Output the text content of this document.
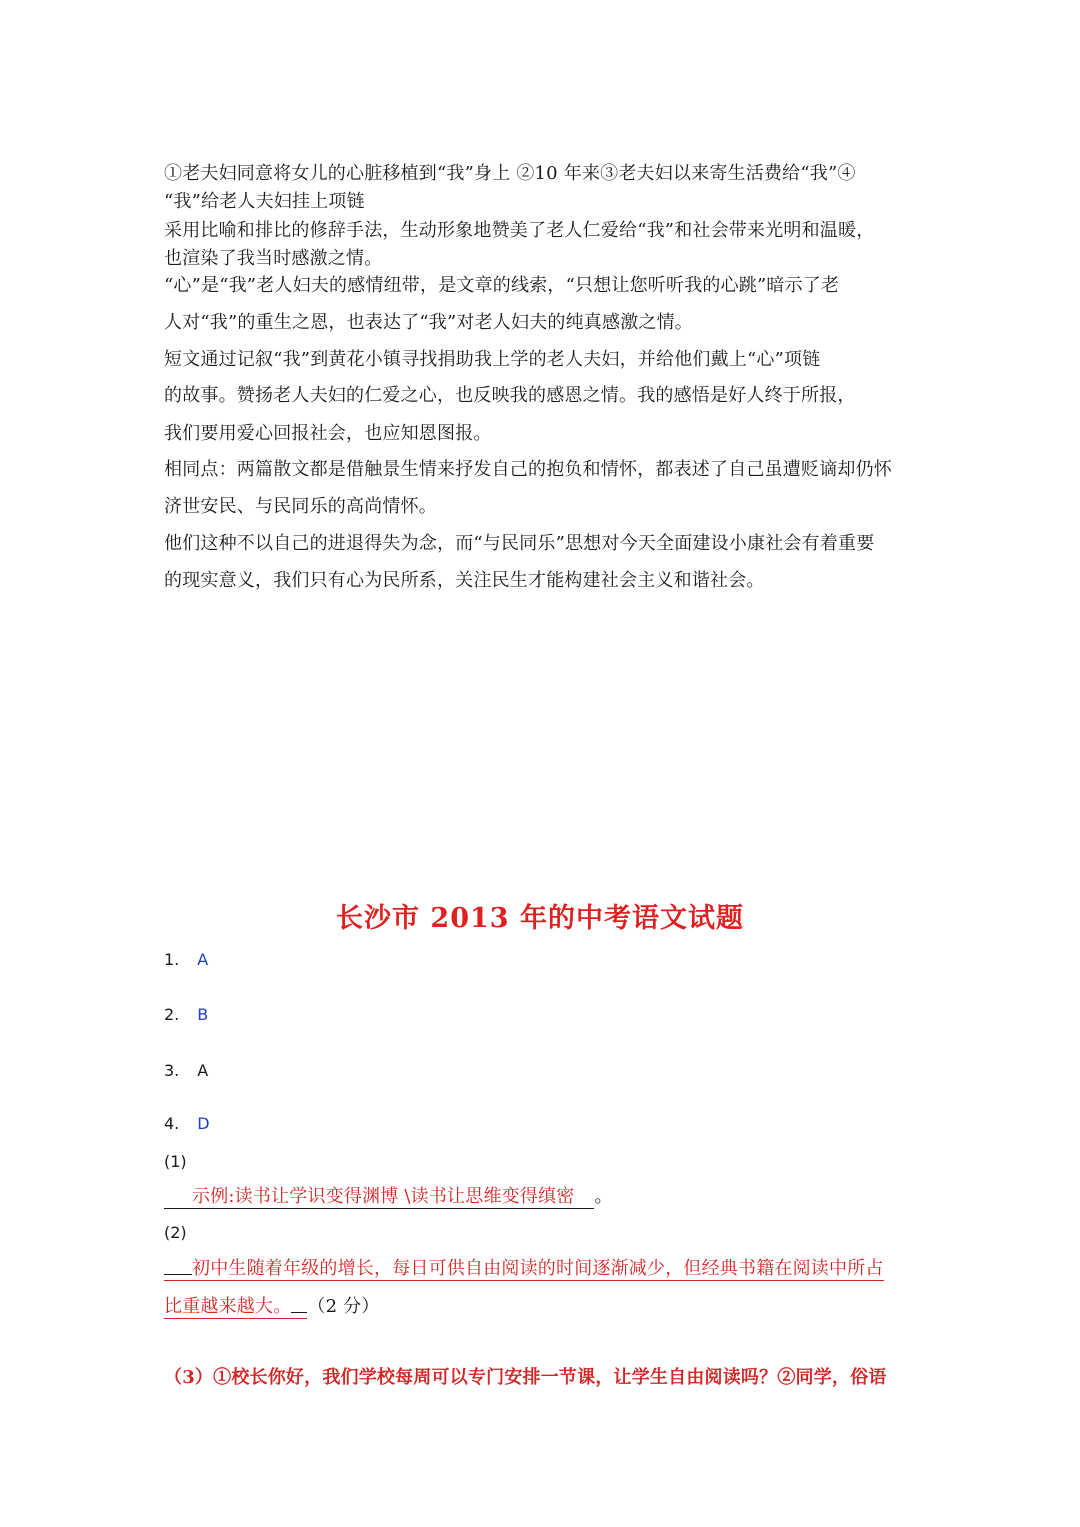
①老夫妇同意将女儿的心脏移植到“我”身上 ②10 年来③老夫妇以来寄生活费给“我”④
“我”给老人夫妇挂上项链
采用比喻和排比的修辞手法，生动形象地赞美了老人仁爱给“我”和社会带来光明和温暖，
也渲染了我当时感激之情。
“心”是“我”老人妇夫的感情纽带，是文章的线索，“只想让您听听我的心跳”暗示了老
人对“我”的重生之恩，也表达了“我”对老人妇夫的纯真感激之情。
短文通过记叙“我”到黄花小镇寻找捐助我上学的老人夫妇，并给他们戴上“心”项链
的故事。赞扬老人夫妇的仁爱之心，也反映我的感恩之情。我的感悟是好人终于所报，
我们要用爱心回报社会，也应知恩图报。
相同点：两篇散文都是借触景生情来抒发自己的抱负和情怀，都表述了自己虽遭贬谪却仍怀
济世安民、与民同乐的高尚情怀。
他们这种不以自己的进退得失为念，而“与民同乐”思想对今天全面建设小康社会有着重要
的现实意义，我们只有心为民所系，关注民生才能构建社会主义和谐社会。
长沙市 2013 年的中考语文试题
1. A
2. B
3. A
4. D
(1)
示例:读书让学识变得渊博 \读书让思维变得缜密 。
(2)
初中生随着年级的增长，每日可供自由阅读的时间逐渐减少，但经典书籍在阅读中所占
比重越来越大。 （2 分）
（3）①校长你好，我们学校每周可以专门安排一节课，让学生自由阅读吗？②同学，俗语
